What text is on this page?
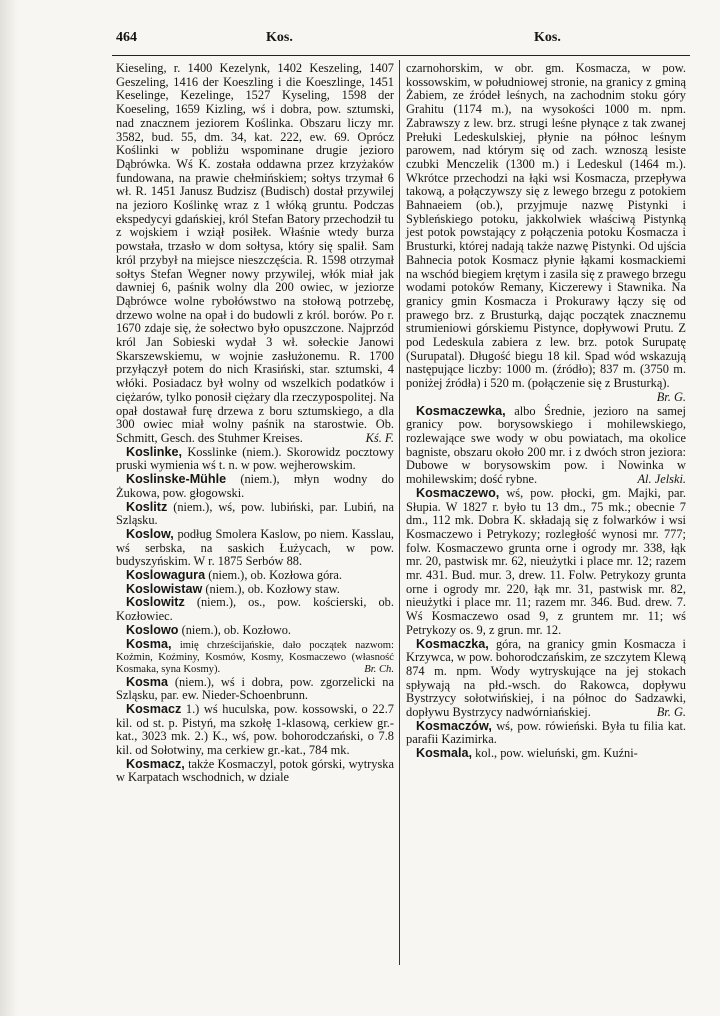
464	Kos.	Kos.

Kieseling, r. 1400 Kezelynk, 1402 Keszeling, 1407 Geszeling, 1416 der Koeszling i die Koeszlinge, 1451 Keselinge, Kezelinge, 1527 Kyseling, 1598 der Koeseling, 1659 Kizling, wś i dobra, pow. sztumski, nad znacznem jeziorem Koślinka. Obszaru liczy mr. 3582, bud. 55, dm. 34, kat. 222, ew. 69. Oprócz Koślinki w pobliżu wspominane drugie jezioro Dąbrówka. Wś K. została oddawna przez krzyżaków fundowana, na prawie chełmińskiem; sołtys trzymał 6 wł. R. 1451 Janusz Budzisz (Budisch) dostał przywilej na jezioro Koślinkę wraz z 1 włóką gruntu. Podczas ekspedycyi gdańskiej, król Stefan Batory przechodził tu z wojskiem i wziął posiłek. Właśnie wtedy burza powstała, trzasło w dom sołtysa, który się spalił. Sam król przybył na miejsce nieszczęścia. R. 1598 otrzymał sołtys Stefan Wegner nowy przywilej, włók miał jak dawniej 6, paśnik wolny dla 200 owiec, w jeziorze Dąbrówce wolne rybołówstwo na stołową potrzebę, drzewo wolne na opał i do budowli z król. borów. Po r. 1670 zdaje się, że sołectwo było opuszczone. Najprzód król Jan Sobieski wydał 3 wł. sołeckie Janowi Skarszewskiemu, w wojnie zasłużonemu. R. 1700 przyłączył potem do nich Krasiński, star. sztumski, 4 włóki. Posiadacz był wolny od wszelkich podatków i ciężarów, tylko ponosił ciężary dla rzeczypospolitej. Na opał dostawał furę drzewa z boru sztumskiego, a dla 300 owiec miał wolny paśnik na starostwie. Ob. Schmitt, Gesch. des Stuhmer Kreises.	Kś. F.

Koslinke, Kosslinke (niem.). Skorowidz pocztowy pruski wymienia wś t. n. w pow. wejherowskim.

Koslinske-Mühle (niem.), młyn wodny do Żukowa, pow. głogowski.

Koslitz (niem.), wś, pow. lubiński, par. Lubiń, na Szląsku.

Koslow, podług Smolera Kaslow, po niem. Kasslau, wś serbska, na saskich Łużycach, w pow. budyszyńskim. W r. 1875 Serbów 88.

Koslowagura (niem.), ob. Kozłowa góra.

Koslowistaw (niem.), ob. Kozłowy staw.

Koslowitz (niem.), os., pow. kościerski, ob. Kozłowiec.

Koslowo (niem.), ob. Kozłowo.

Kosma, imię chrześcijańskie, dało początek nazwom: Koźmin, Koźminy, Kosmów, Kosmy, Kosmaczewo (własność Kosmaka, syna Kosmy).	Br. Ch.

Kosma (niem.), wś i dobra, pow. zgorzelicki na Szląsku, par. ew. Nieder-Schoenbrunn.

Kosmacz 1.) wś huculska, pow. kossowski, o 22.7 kil. od st. p. Pistyń, ma szkołę 1-klasową, cerkiew gr.-kat., 3023 mk. 2.) K., wś, pow. bohorodczański, o 7.8 kil. od Sołotwiny, ma cerkiew gr.-kat., 784 mk.

Kosmacz, także Kosmaczyl, potok górski, wytryska w Karpatach wschodnich, w dziale

czarnohorskim, w obr. gm. Kosmacza, w pow. kossowskim, w południowej stronie, na granicy z gminą Żabiem, ze źródeł leśnych, na zachodnim stoku góry Grahitu (1174 m.), na wysokości 1000 m. npm. Zabrawszy z lew. brz. strugi leśne płynące z tak zwanej Prełuki Ledeskulskiej, płynie na północ leśnym parowem, nad którym się od zach. wznoszą lesiste czubki Menczelik (1300 m.) i Ledeskul (1464 m.). Wkrótce przechodzi na łąki wsi Kosmacza, przepływa takową, a połączywszy się z lewego brzegu z potokiem Bahnaeiem (ob.), przyjmuje nazwę Pistynki i Sybleńskiego potoku, jakkolwiek właściwą Pistynką jest potok powstający z połączenia potoku Kosmacza i Brusturki, której nadają także nazwę Pistynki. Od ujścia Bahnecia potok Kosmacz płynie łąkami kosmackiemi na wschód biegiem krętym i zasila się z prawego brzegu wodami potoków Remany, Kiczerewy i Stawnika. Na granicy gmin Kosmacza i Prokurawy łączy się od prawego brz. z Brusturką, dając początek znacznemu strumieniowi górskiemu Pistynce, dopływowi Prutu. Z pod Ledeskula zabiera z lew. brz. potok Surupatę (Surupatal). Długość biegu 18 kil. Spad wód wskazują następujące liczby: 1000 m. (źródło); 837 m. (3750 m. poniżej źródła) i 520 m. (połączenie się z Brusturką).
Br. G.

Kosmaczewka, albo Średnie, jezioro na samej granicy pow. borysowskiego i mohilewskiego, rozlewające swe wody w obu powiatach, ma okolice bagniste, obszaru około 200 mr. i z dwóch stron jeziora: Dubowe w borysowskim pow. i Nowinka w mohilewskim; dość rybne.	Al. Jelski.

Kosmaczewo, wś, pow. płocki, gm. Majki, par. Słupia. W 1827 r. było tu 13 dm., 75 mk.; obecnie 7 dm., 112 mk. Dobra K. składają się z folwarków i wsi Kosmaczewo i Petrykozy; rozległość wynosi mr. 777; folw. Kosmaczewo grunta orne i ogrody mr. 338, łąk mr. 20, pastwisk mr. 62, nieużytki i place mr. 12; razem mr. 431. Bud. mur. 3, drew. 11. Folw. Petrykozy grunta orne i ogrody mr. 220, łąk mr. 31, pastwisk mr. 82, nieużytki i place mr. 11; razem mr. 346. Bud. drew. 7. Wś Kosmaczewo osad 9, z gruntem mr. 11; wś Petrykozy os. 9, z grun. mr. 12.

Kosmaczka, góra, na granicy gmin Kosmacza i Krzywca, w pow. bohorodczańskim, ze szczytem Klewą 874 m. npm. Wody wytryskujące na jej stokach spływają na płd.-wsch. do Rakowca, dopływu Bystrzycy sołotwińskiej, i na północ do Sadzawki, dopływu Bystrzycy nadwórniańskiej.	Br. G.

Kosmaczów, wś, pow. rówieński. Była tu filia kat. parafii Kazimirka.

Kosmala, kol., pow. wieluński, gm. Kuźni-
